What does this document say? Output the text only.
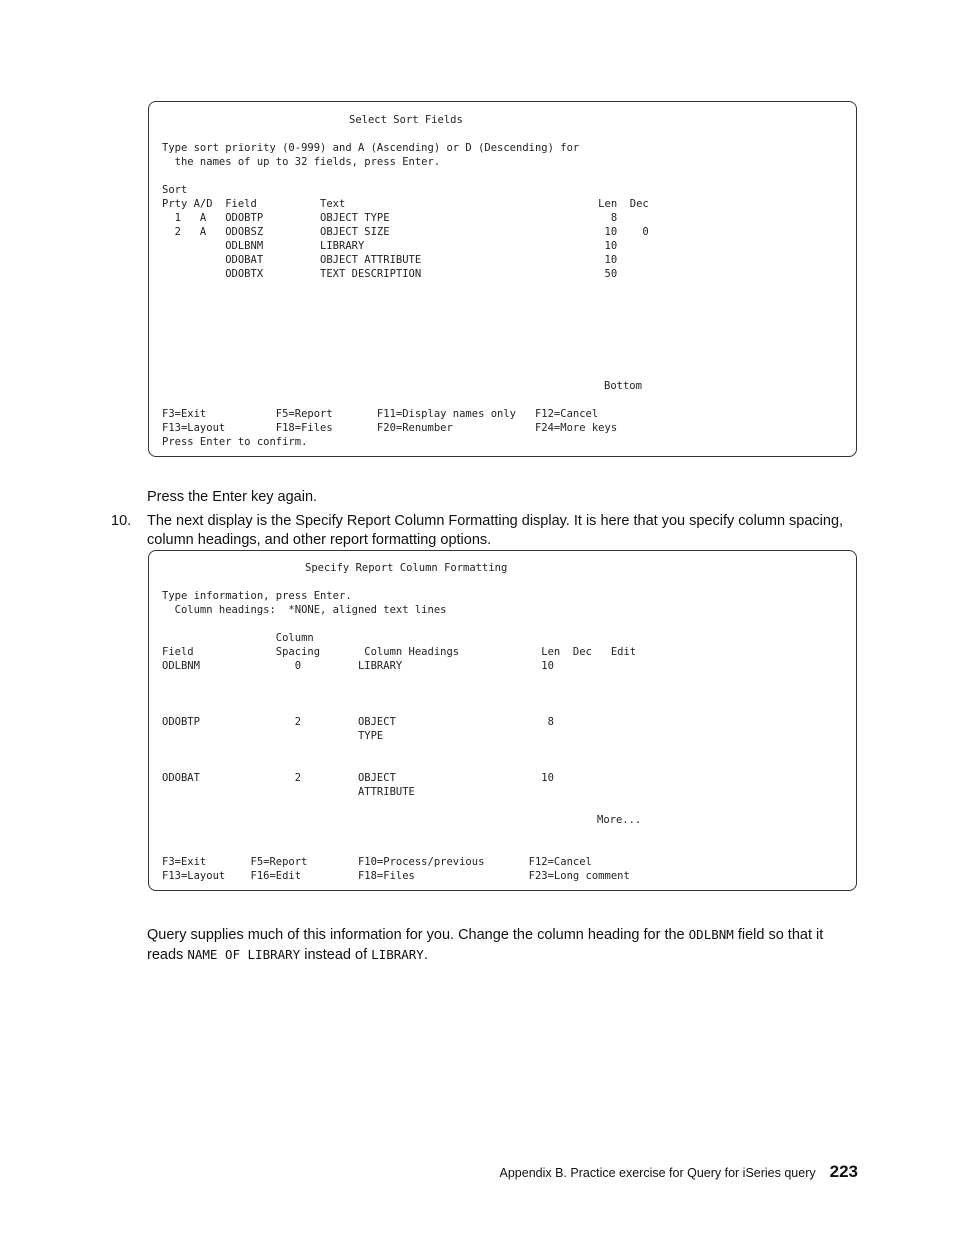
Select Sort Fields
Type sort priority (0-999) and A (Ascending) or D (Descending) for
the names of up to 32 fields, press Enter.
Sort
Prty A/D  Field          Text                                        Len  Dec
1   A   ODOBTP         OBJECT TYPE                                   8
2   A   ODOBSZ         OBJECT SIZE                                  10    0
ODLBNM         LIBRARY                                      10
ODOBAT         OBJECT ATTRIBUTE                             10
ODOBTX         TEXT DESCRIPTION                             50
Bottom
F3=Exit           F5=Report       F11=Display names only   F12=Cancel
F13=Layout        F18=Files       F20=Renumber             F24=More keys
Press Enter to confirm.
Press the Enter key again.
10. The next display is the Specify Report Column Formatting display. It is here that you specify column spacing, column headings, and other report formatting options.
Specify Report Column Formatting
Type information, press Enter.
Column headings:  *NONE, aligned text lines
Column
Field             Spacing       Column Headings             Len  Dec   Edit
ODLBNM               0         LIBRARY                      10
ODOBTP               2         OBJECT                        8
TYPE
ODOBAT               2         OBJECT                       10
ATTRIBUTE
More...
F3=Exit       F5=Report        F10=Process/previous       F12=Cancel
F13=Layout    F16=Edit         F18=Files                  F23=Long comment
Query supplies much of this information for you. Change the column heading for the ODLBNM field so that it reads NAME OF LIBRARY instead of LIBRARY.
Appendix B. Practice exercise for Query for iSeries query 223
